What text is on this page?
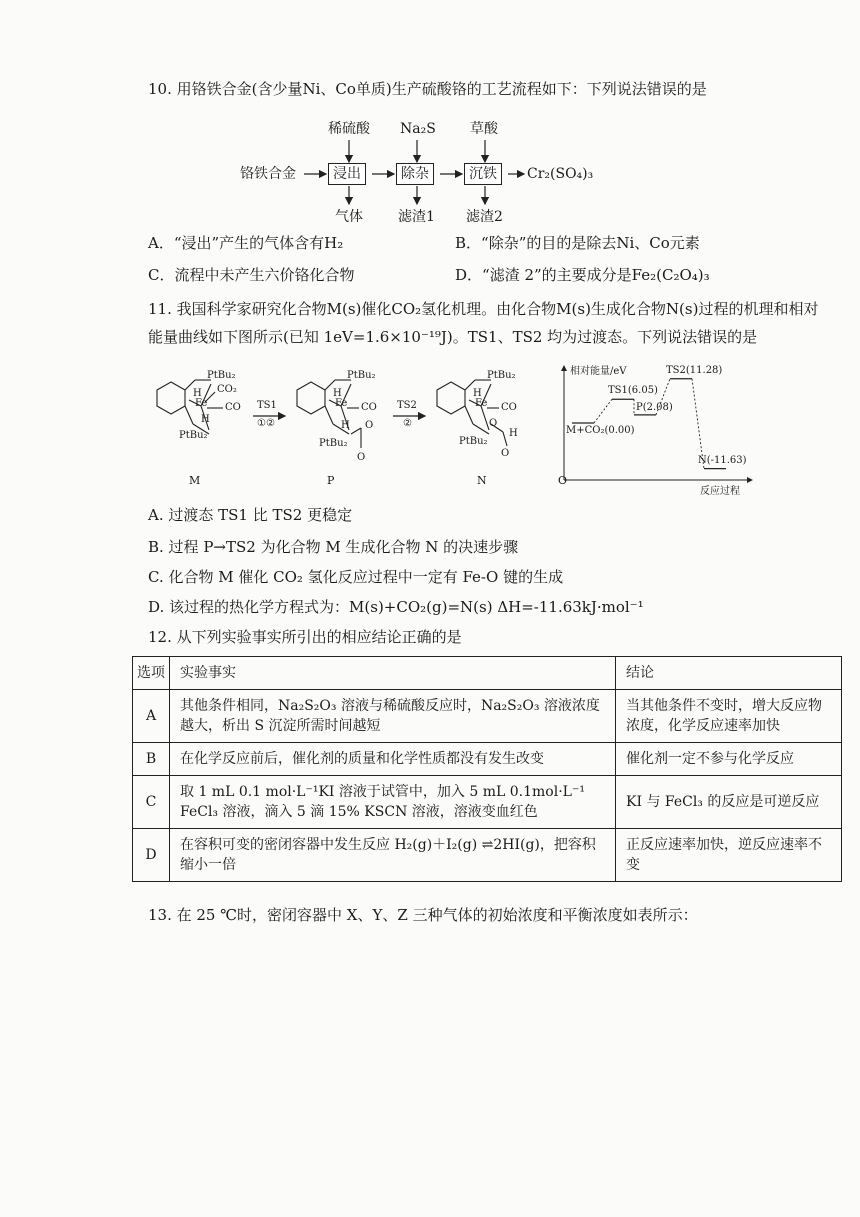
10. 用铬铁合金(含少量Ni、Co单质)生产硫酸铬的工艺流程如下：下列说法错误的是
铬铁合金	浸出	除杂	沉铁	Cr₂(SO₄)₃
稀硫酸 Na₂S 草酸
气体	滤渣1 滤渣2
A．“浸出”产生的气体含有H₂	B．“除杂”的目的是除去Ni、Co元素
C．流程中未产生六价铬化合物	D．“滤渣 2”的主要成分是Fe₂(C₂O₄)₃
11. 我国科学家研究化合物M(s)催化CO₂氢化机理。由化合物M(s)生成化合物N(s)过程的机理和相对
能量曲线如下图所示(已知 1eV=1.6×10⁻¹⁹J)。TS1、TS2 均为过渡态。下列说法错误的是
PtBu₂
PtBu₂
Fe CO
CO₂
H
H
TS1
①②
PtBu₂
PtBu₂
Fe CO
H
H O
O
TS2
②
PtBu₂
PtBu₂
Fe CO
H
O
H
O
M	P	N
相对能量/eV
O
反应过程
M+CO₂(0.00)
TS1(6.05)
P(2.08)
TS2(11.28)
N(-11.63)
A. 过渡态 TS1 比 TS2 更稳定
B. 过程 P→TS2 为化合物 M 生成化合物 N 的决速步骤
C. 化合物 M 催化 CO₂ 氢化反应过程中一定有 Fe-O 键的生成
D. 该过程的热化学方程式为：M(s)+CO₂(g)=N(s) ΔH=-11.63kJ·mol⁻¹
12. 从下列实验事实所引出的相应结论正确的是
选项	实验事实	结论
A	其他条件相同，Na₂S₂O₃ 溶液与稀硫酸反应时，Na₂S₂O₃ 溶液浓度越大，析出 S 沉淀所需时间越短	当其他条件不变时，增大反应物浓度，化学反应速率加快
B	在化学反应前后，催化剂的质量和化学性质都没有发生改变	催化剂一定不参与化学反应
C	取 1 mL 0.1 mol·L⁻¹KI 溶液于试管中，加入 5 mL 0.1mol·L⁻¹ FeCl₃ 溶液，滴入 5 滴 15% KSCN 溶液，溶液变血红色	KI 与 FeCl₃ 的反应是可逆反应
D	在容积可变的密闭容器中发生反应 H₂(g)＋I₂(g) ⇌2HI(g)，把容积缩小一倍	正反应速率加快，逆反应速率不变
13. 在 25 ℃时，密闭容器中 X、Y、Z 三种气体的初始浓度和平衡浓度如表所示：
